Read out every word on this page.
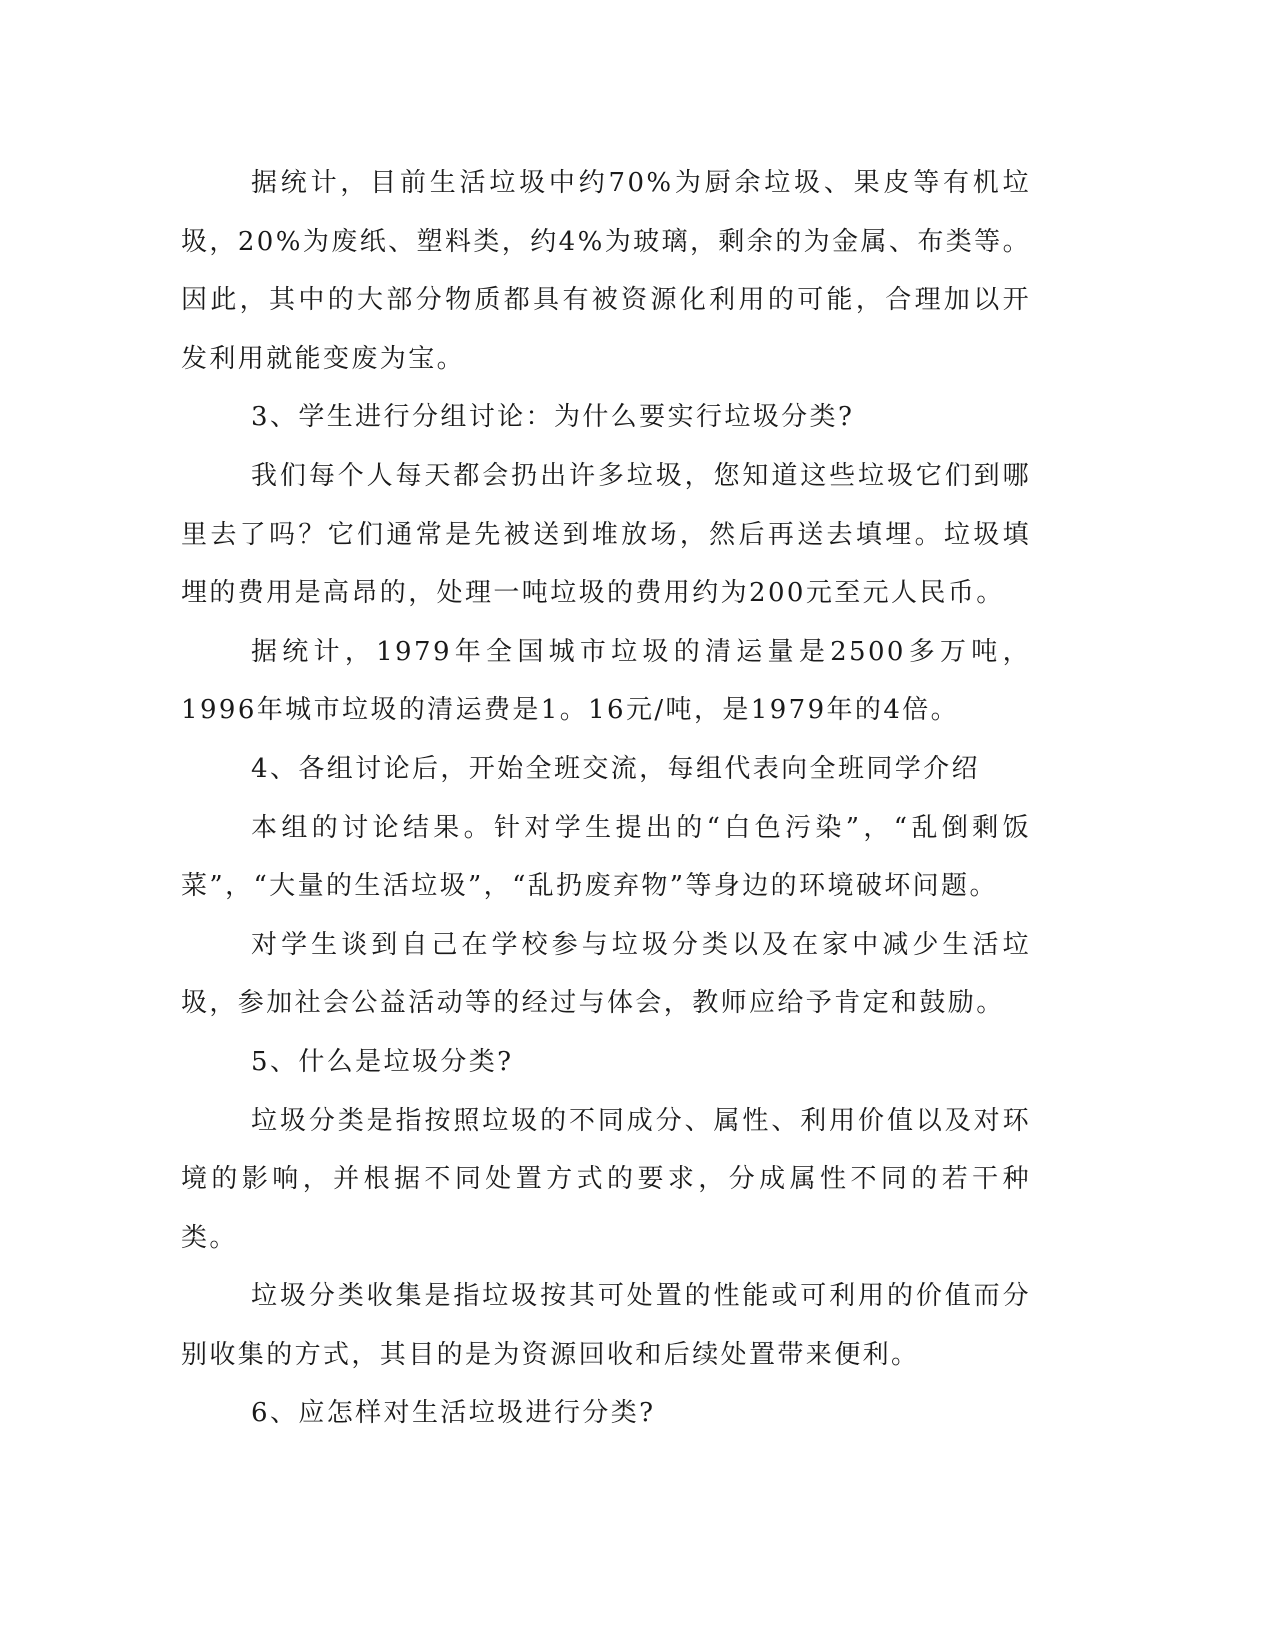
据统计，目前生活垃圾中约70%为厨余垃圾、果皮等有机垃圾，20%为废纸、塑料类，约4%为玻璃，剩余的为金属、布类等。因此，其中的大部分物质都具有被资源化利用的可能，合理加以开发利用就能变废为宝。

3、学生进行分组讨论：为什么要实行垃圾分类?

我们每个人每天都会扔出许多垃圾，您知道这些垃圾它们到哪里去了吗？它们通常是先被送到堆放场，然后再送去填埋。垃圾填埋的费用是高昂的，处理一吨垃圾的费用约为200元至元人民币。

据统计，1979年全国城市垃圾的清运量是2500多万吨，1996年城市垃圾的清运费是1。16元/吨，是1979年的4倍。

4、各组讨论后，开始全班交流，每组代表向全班同学介绍

本组的讨论结果。针对学生提出的“白色污染”，“乱倒剩饭菜”，“大量的生活垃圾”，“乱扔废弃物”等身边的环境破坏问题。

对学生谈到自己在学校参与垃圾分类以及在家中减少生活垃圾，参加社会公益活动等的经过与体会，教师应给予肯定和鼓励。

5、什么是垃圾分类?

垃圾分类是指按照垃圾的不同成分、属性、利用价值以及对环境的影响，并根据不同处置方式的要求，分成属性不同的若干种类。

垃圾分类收集是指垃圾按其可处置的性能或可利用的价值而分别收集的方式，其目的是为资源回收和后续处置带来便利。

6、应怎样对生活垃圾进行分类?
